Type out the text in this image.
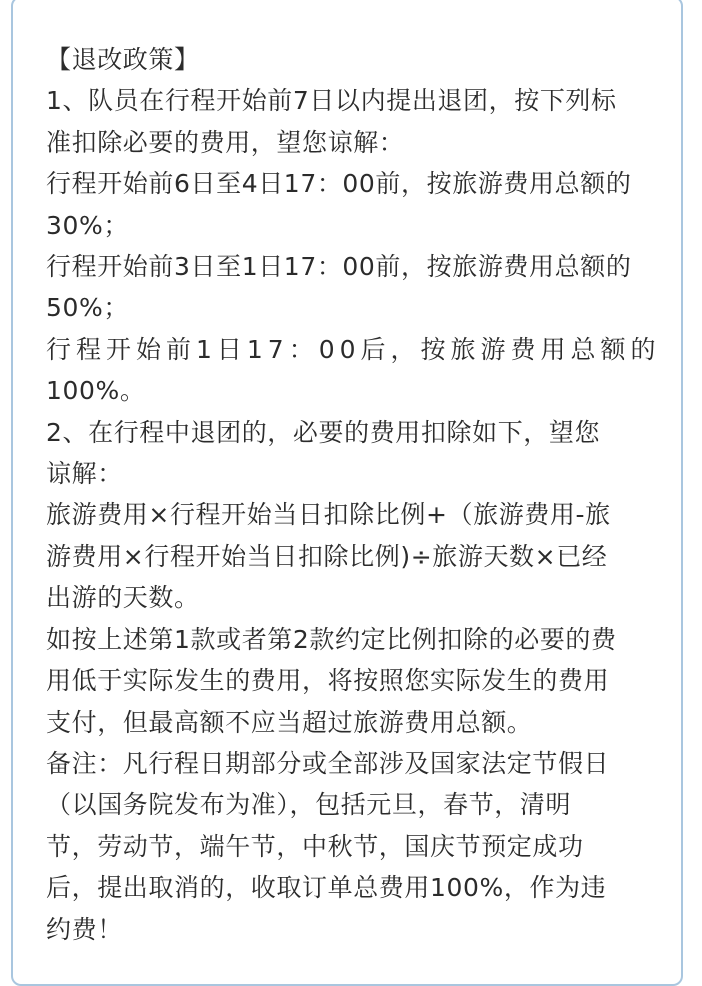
【退改政策】
1、队员在行程开始前7日以内提出退团，按下列标
准扣除必要的费用，望您谅解：
行程开始前6日至4日17：00前，按旅游费用总额的
30%；
行程开始前3日至1日17：00前，按旅游费用总额的
50%；
行程开始前1日17：00后，按旅游费用总额的
100%。
2、在行程中退团的，必要的费用扣除如下，望您
谅解：
旅游费用×行程开始当日扣除比例+（旅游费用-旅
游费用×行程开始当日扣除比例)÷旅游天数×已经
出游的天数。
如按上述第1款或者第2款约定比例扣除的必要的费
用低于实际发生的费用，将按照您实际发生的费用
支付，但最高额不应当超过旅游费用总额。
备注：凡行程日期部分或全部涉及国家法定节假日
（以国务院发布为准），包括元旦，春节，清明
节，劳动节，端午节，中秋节，国庆节预定成功
后，提出取消的，收取订单总费用100%，作为违
约费！
